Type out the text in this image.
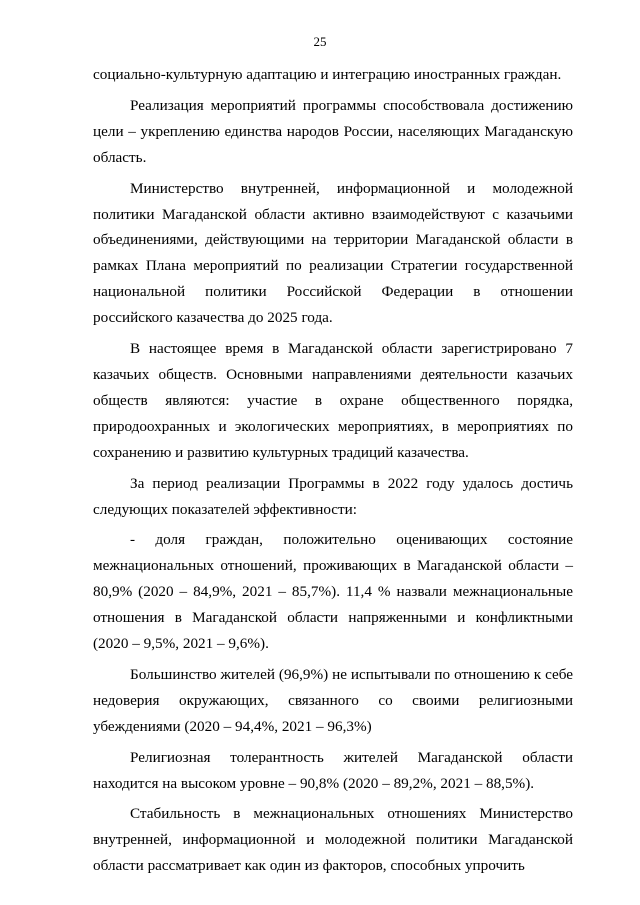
25

социально-культурную адаптацию и интеграцию иностранных граждан.

Реализация мероприятий программы способствовала достижению цели – укреплению единства народов России, населяющих Магаданскую область.

Министерство внутренней, информационной и молодежной политики Магаданской области активно взаимодействуют с казачьими объединениями, действующими на территории Магаданской области в рамках Плана мероприятий по реализации Стратегии государственной национальной политики Российской Федерации в отношении российского казачества до 2025 года.

В настоящее время в Магаданской области зарегистрировано 7 казачьих обществ. Основными направлениями деятельности казачьих обществ являются: участие в охране общественного порядка, природоохранных и экологических мероприятиях, в мероприятиях по сохранению и развитию культурных традиций казачества.

За период реализации Программы в 2022 году удалось достичь следующих показателей эффективности:

- доля граждан, положительно оценивающих состояние межнациональных отношений, проживающих в Магаданской области – 80,9% (2020 – 84,9%, 2021 – 85,7%). 11,4 % назвали межнациональные отношения в Магаданской области напряженными и конфликтными (2020 – 9,5%, 2021 – 9,6%).

Большинство жителей (96,9%) не испытывали по отношению к себе недоверия окружающих, связанного со своими религиозными убеждениями (2020 – 94,4%, 2021 – 96,3%)

Религиозная толерантность жителей Магаданской области находится на высоком уровне – 90,8% (2020 – 89,2%, 2021 – 88,5%).

Стабильность в межнациональных отношениях Министерство внутренней, информационной и молодежной политики Магаданской области рассматривает как один из факторов, способных упрочить
